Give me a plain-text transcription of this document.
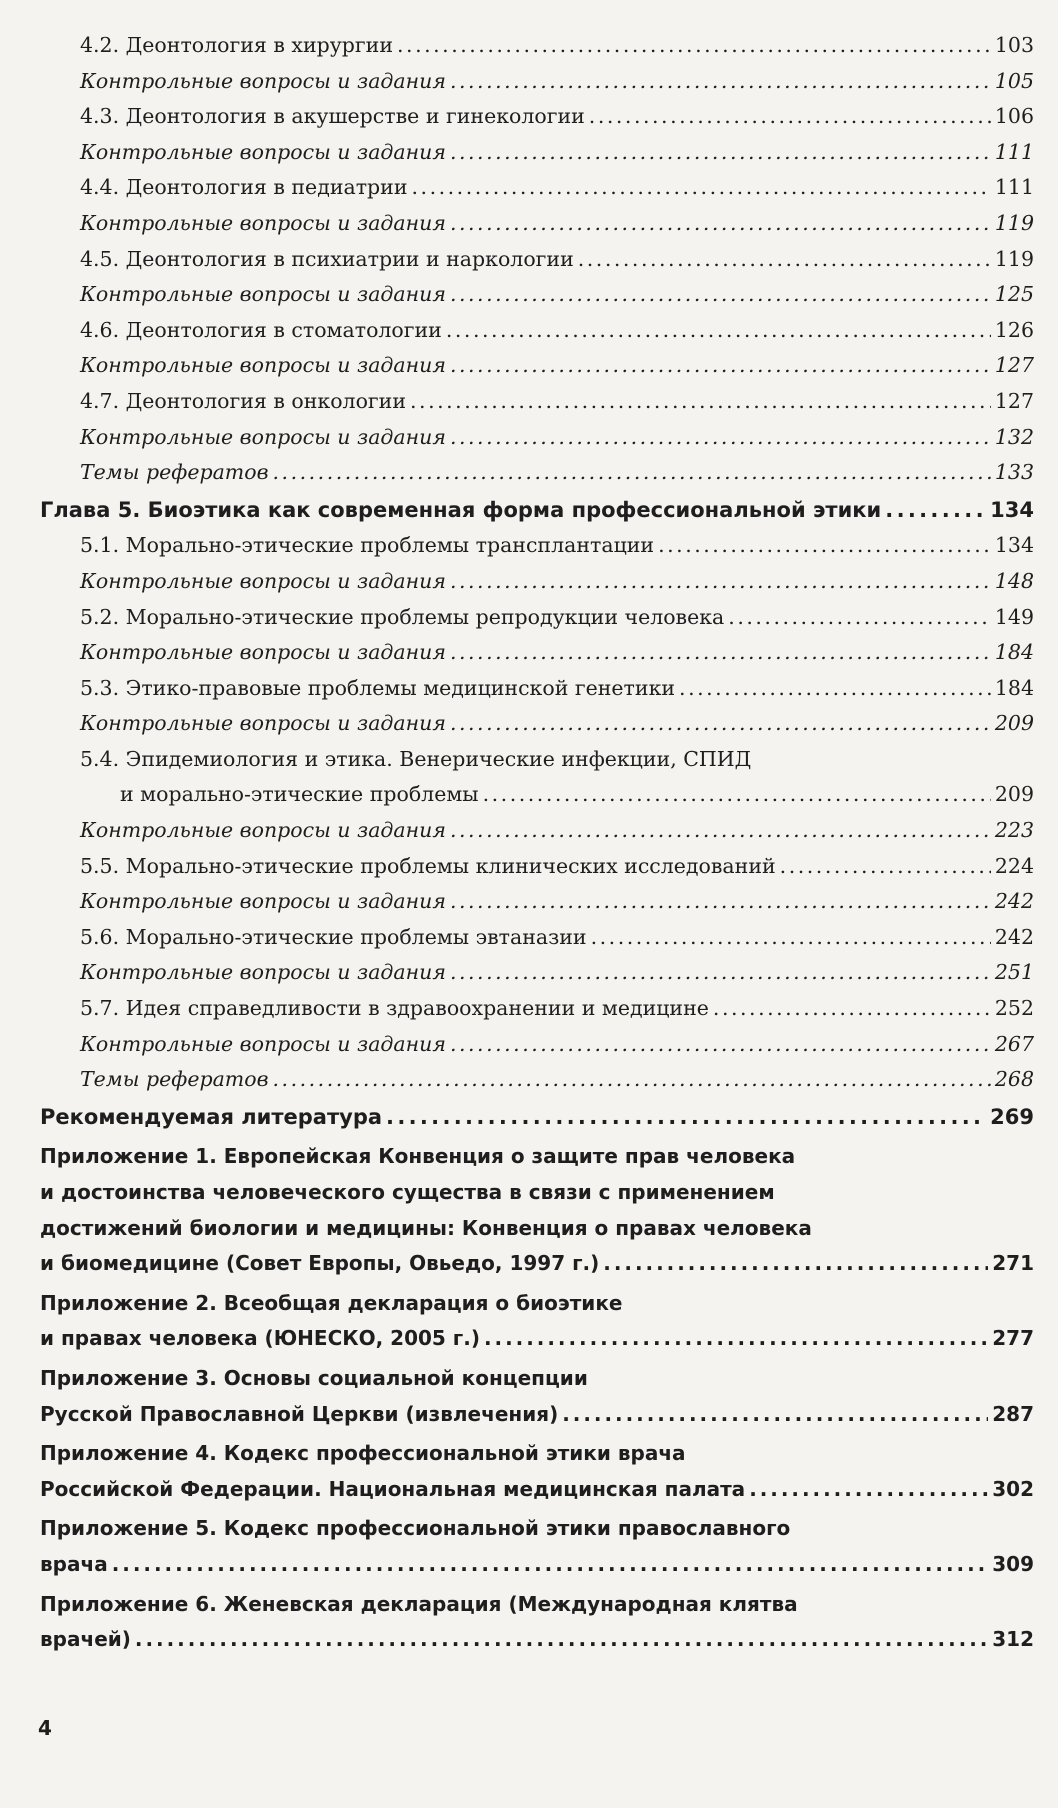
4.2. Деонтология в хирургии . . .	103
Контрольные вопросы и задания . . .	105
4.3. Деонтология в акушерстве и гинекологии . . .	106
Контрольные вопросы и задания . . .	111
4.4. Деонтология в педиатрии . . .	111
Контрольные вопросы и задания . . .	119
4.5. Деонтология в психиатрии и наркологии . . .	119
Контрольные вопросы и задания . . .	125
4.6. Деонтология в стоматологии . . .	126
Контрольные вопросы и задания . . .	127
4.7. Деонтология в онкологии . . .	127
Контрольные вопросы и задания . . .	132
Темы рефератов . . .	133
Глава 5. Биоэтика как современная форма профессиональной этики . . .	134
5.1. Морально-этические проблемы трансплантации . . .	134
Контрольные вопросы и задания . . .	148
5.2. Морально-этические проблемы репродукции человека . . .	149
Контрольные вопросы и задания . . .	184
5.3. Этико-правовые проблемы медицинской генетики . . .	184
Контрольные вопросы и задания . . .	209
5.4. Эпидемиология и этика. Венерические инфекции, СПИД
и морально-этические проблемы . . .	209
Контрольные вопросы и задания . . .	223
5.5. Морально-этические проблемы клинических исследований . . .	224
Контрольные вопросы и задания . . .	242
5.6. Морально-этические проблемы эвтаназии . . .	242
Контрольные вопросы и задания . . .	251
5.7. Идея справедливости в здравоохранении и медицине . . .	252
Контрольные вопросы и задания . . .	267
Темы рефератов . . .	268
Рекомендуемая литература . . .	269
Приложение 1. Европейская Конвенция о защите прав человека
и достоинства человеческого существа в связи с применением
достижений биологии и медицины: Конвенция о правах человека
и биомедицине (Совет Европы, Овьедо, 1997 г.) . . .	271
Приложение 2. Всеобщая декларация о биоэтике
и правах человека (ЮНЕСКО, 2005 г.) . . .	277
Приложение 3. Основы социальной концепции
Русской Православной Церкви (извлечения) . . .	287
Приложение 4. Кодекс профессиональной этики врача
Российской Федерации. Национальная медицинская палата . . .	302
Приложение 5. Кодекс профессиональной этики православного
врача . . .	309
Приложение 6. Женевская декларация (Международная клятва
врачей) . . .	312
4
